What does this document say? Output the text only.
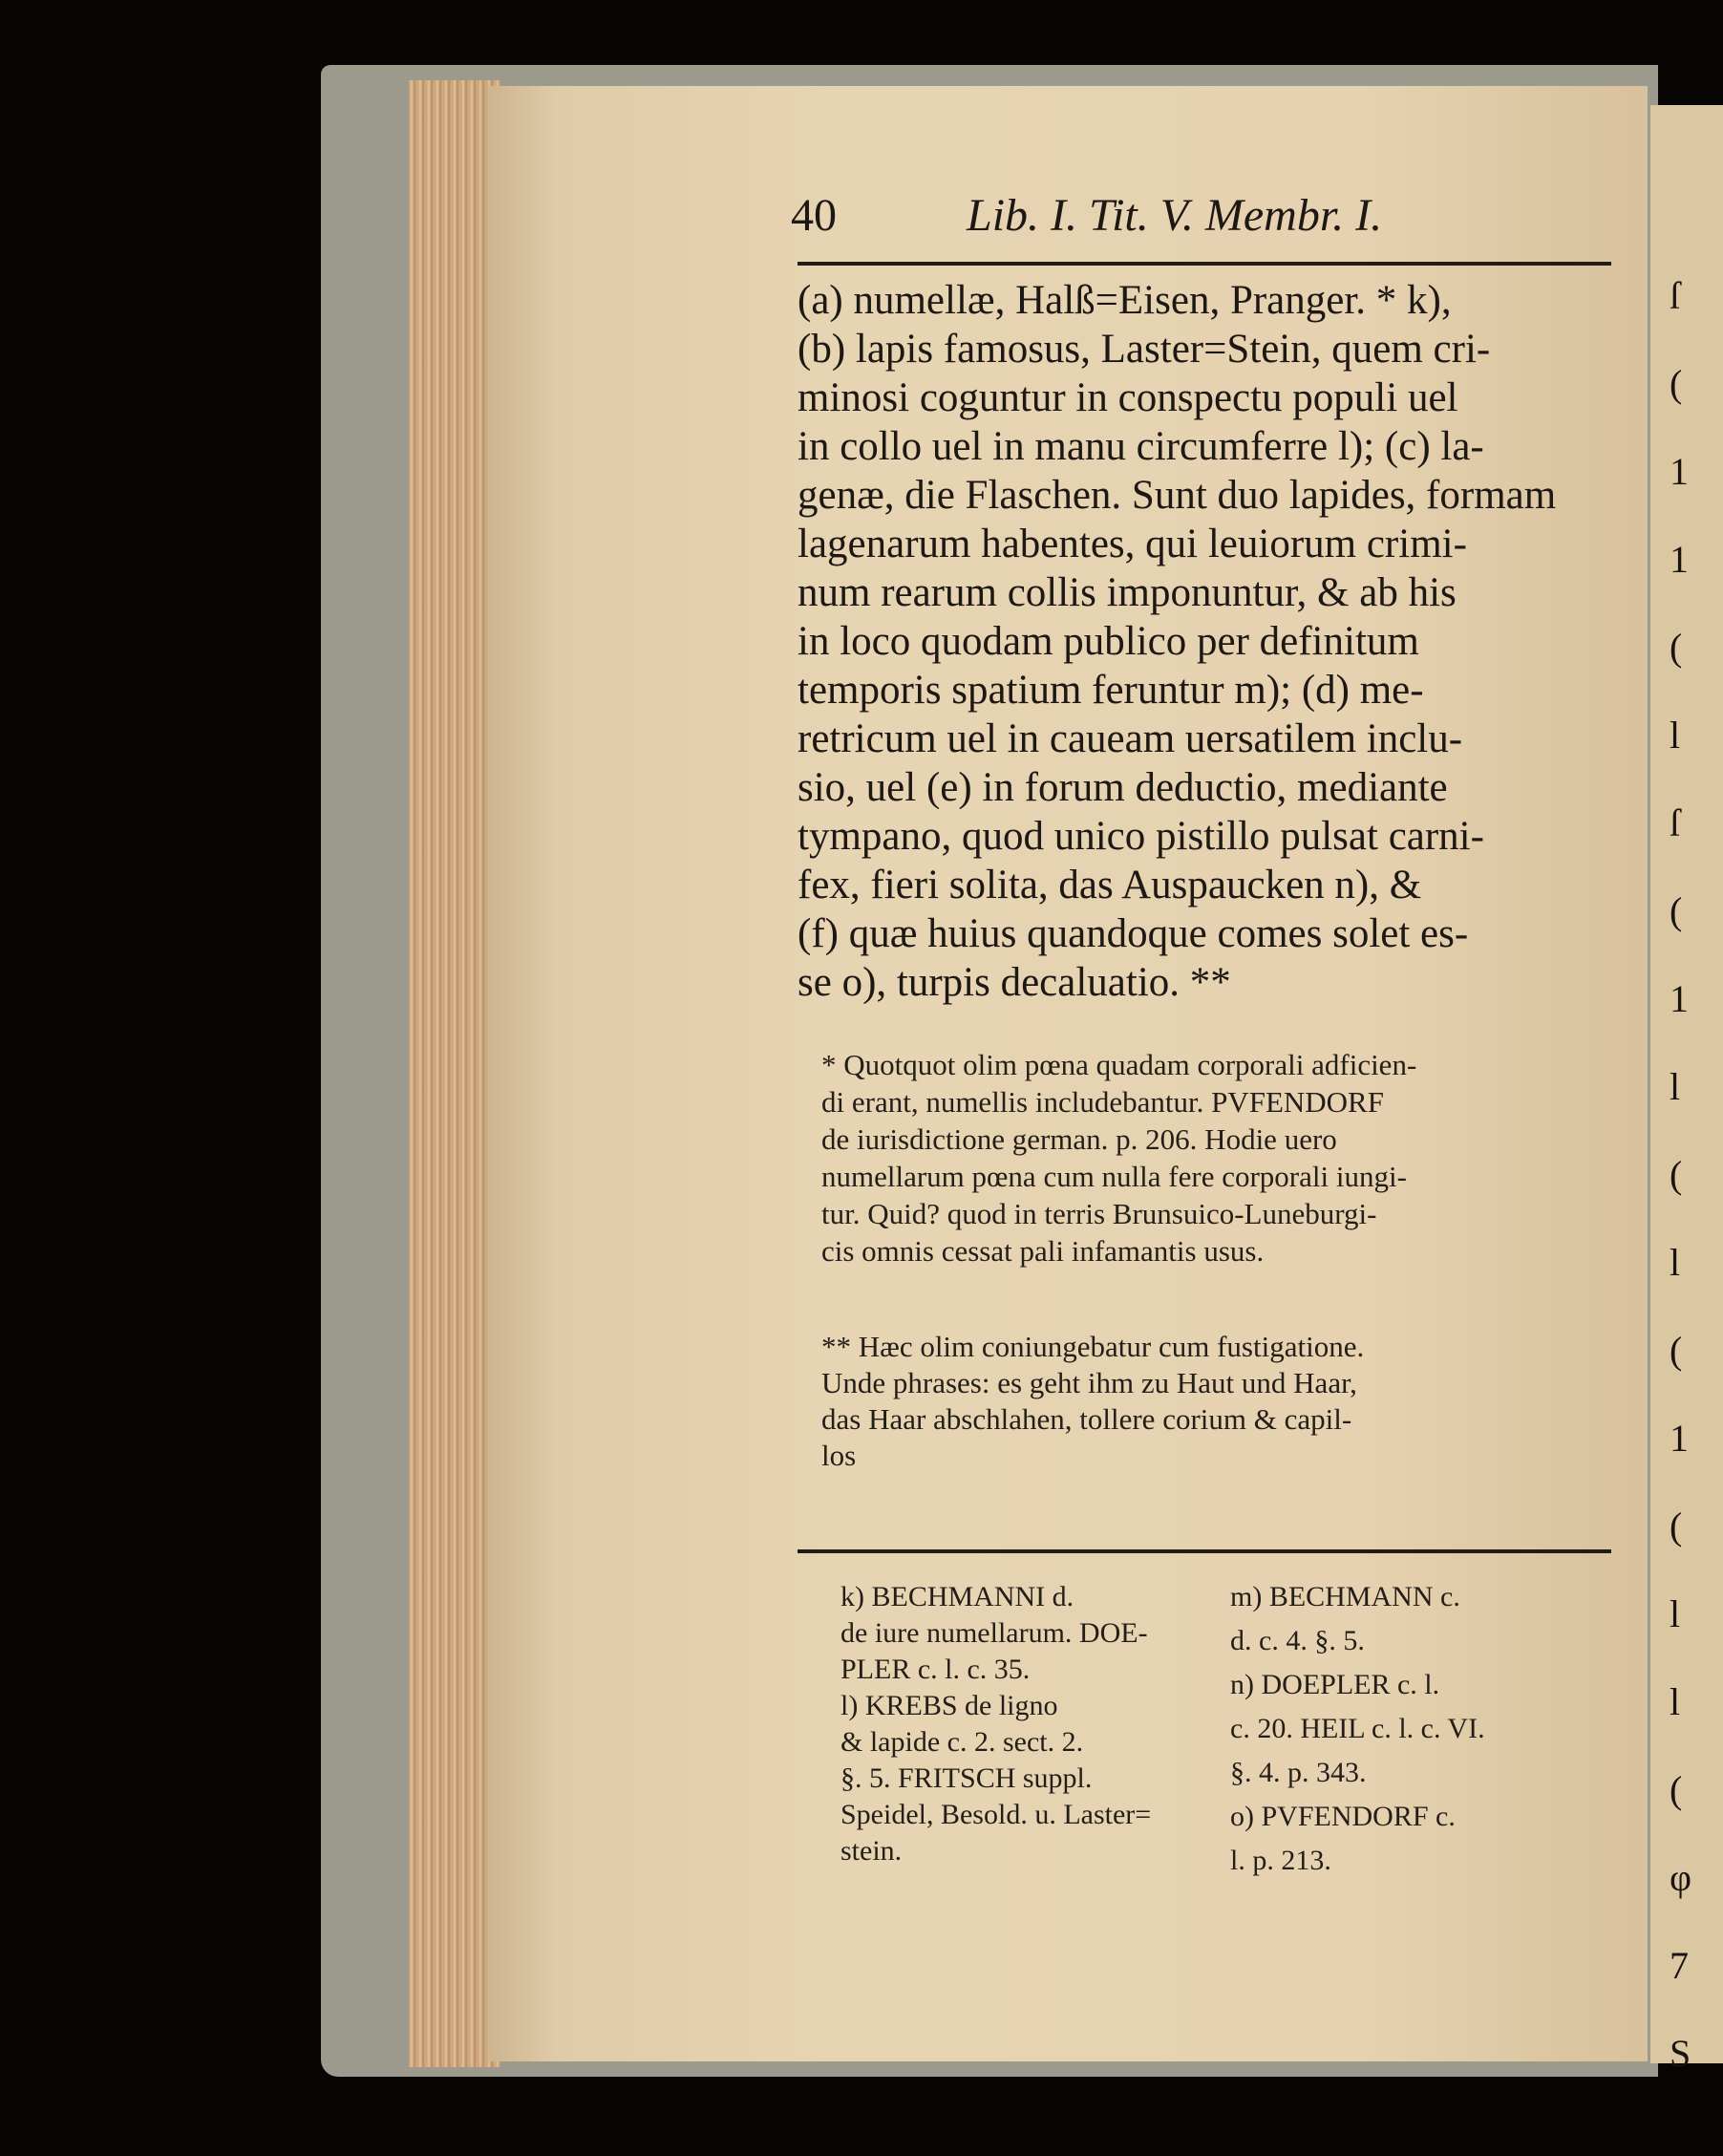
ſ
(
1
1
(
l
ſ
(
1
l
(
l
(
1
(
l
l
(
φ
7
S
40	Lib. I. Tit. V. Membr. I.
(a) numellæ, Halß=Eisen, Pranger. * k),
(b) lapis famosus, Laster=Stein, quem cri-
minosi coguntur in conspectu populi uel
in collo uel in manu circumferre l); (c) la-
genæ, die Flaschen. Sunt duo lapides, formam
lagenarum habentes, qui leuiorum crimi-
num rearum collis imponuntur, & ab his
in loco quodam publico per definitum
temporis spatium feruntur m); (d) me-
retricum uel in caueam uersatilem inclu-
sio, uel (e) in forum deductio, mediante
tympano, quod unico pistillo pulsat carni-
fex, fieri solita, das Auspaucken n), &
(f) quæ huius quandoque comes solet es-
se o), turpis decaluatio. **
* Quotquot olim pœna quadam corporali adficien-
di erant, numellis includebantur. PVFENDORF
de iurisdictione german. p. 206. Hodie uero
numellarum pœna cum nulla fere corporali iungi-
tur. Quid? quod in terris Brunsuico-Luneburgi-
cis omnis cessat pali infamantis usus.
** Hæc olim coniungebatur cum fustigatione.
Unde phrases: es geht ihm zu Haut und Haar,
das Haar abschlahen, tollere corium & capil-
los
k) BECHMANNI d.
de iure numellarum. DOE-
PLER c. l. c. 35.
l) KREBS de ligno
& lapide c. 2. sect. 2.
§. 5. FRITSCH suppl.
Speidel, Besold. u. Laster=
stein.
m) BECHMANN c.
d. c. 4. §. 5.
n) DOEPLER c. l.
c. 20. HEIL c. l. c. VI.
§. 4. p. 343.
o) PVFENDORF c.
l. p. 213.
